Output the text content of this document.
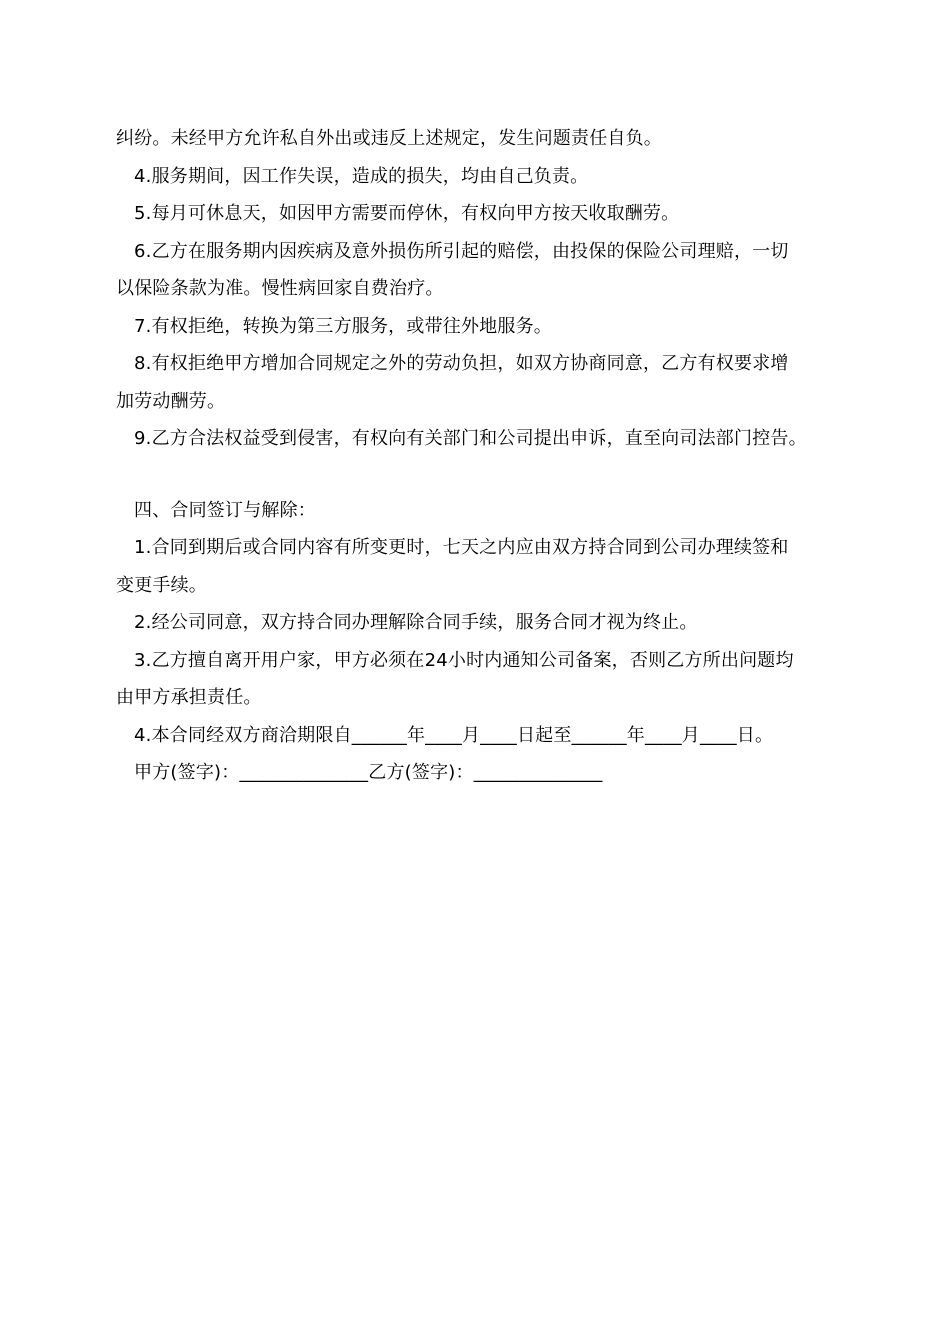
纠纷。未经甲方允许私自外出或违反上述规定，发生问题责任自负。
4.服务期间，因工作失误，造成的损失，均由自己负责。
5.每月可休息天，如因甲方需要而停休，有权向甲方按天收取酬劳。
6.乙方在服务期内因疾病及意外损伤所引起的赔偿，由投保的保险公司理赔，一切
以保险条款为准。慢性病回家自费治疗。
7.有权拒绝，转换为第三方服务，或带往外地服务。
8.有权拒绝甲方增加合同规定之外的劳动负担，如双方协商同意，乙方有权要求增
加劳动酬劳。
9.乙方合法权益受到侵害，有权向有关部门和公司提出申诉，直至向司法部门控告。
四、合同签订与解除：
1.合同到期后或合同内容有所变更时，七天之内应由双方持合同到公司办理续签和
变更手续。
2.经公司同意，双方持合同办理解除合同手续，服务合同才视为终止。
3.乙方擅自离开用户家，甲方必须在24小时内通知公司备案，否则乙方所出问题均
由甲方承担责任。
4.本合同经双方商洽期限自______年____月____日起至______年____月____日。
甲方(签字)：______________乙方(签字)：______________
